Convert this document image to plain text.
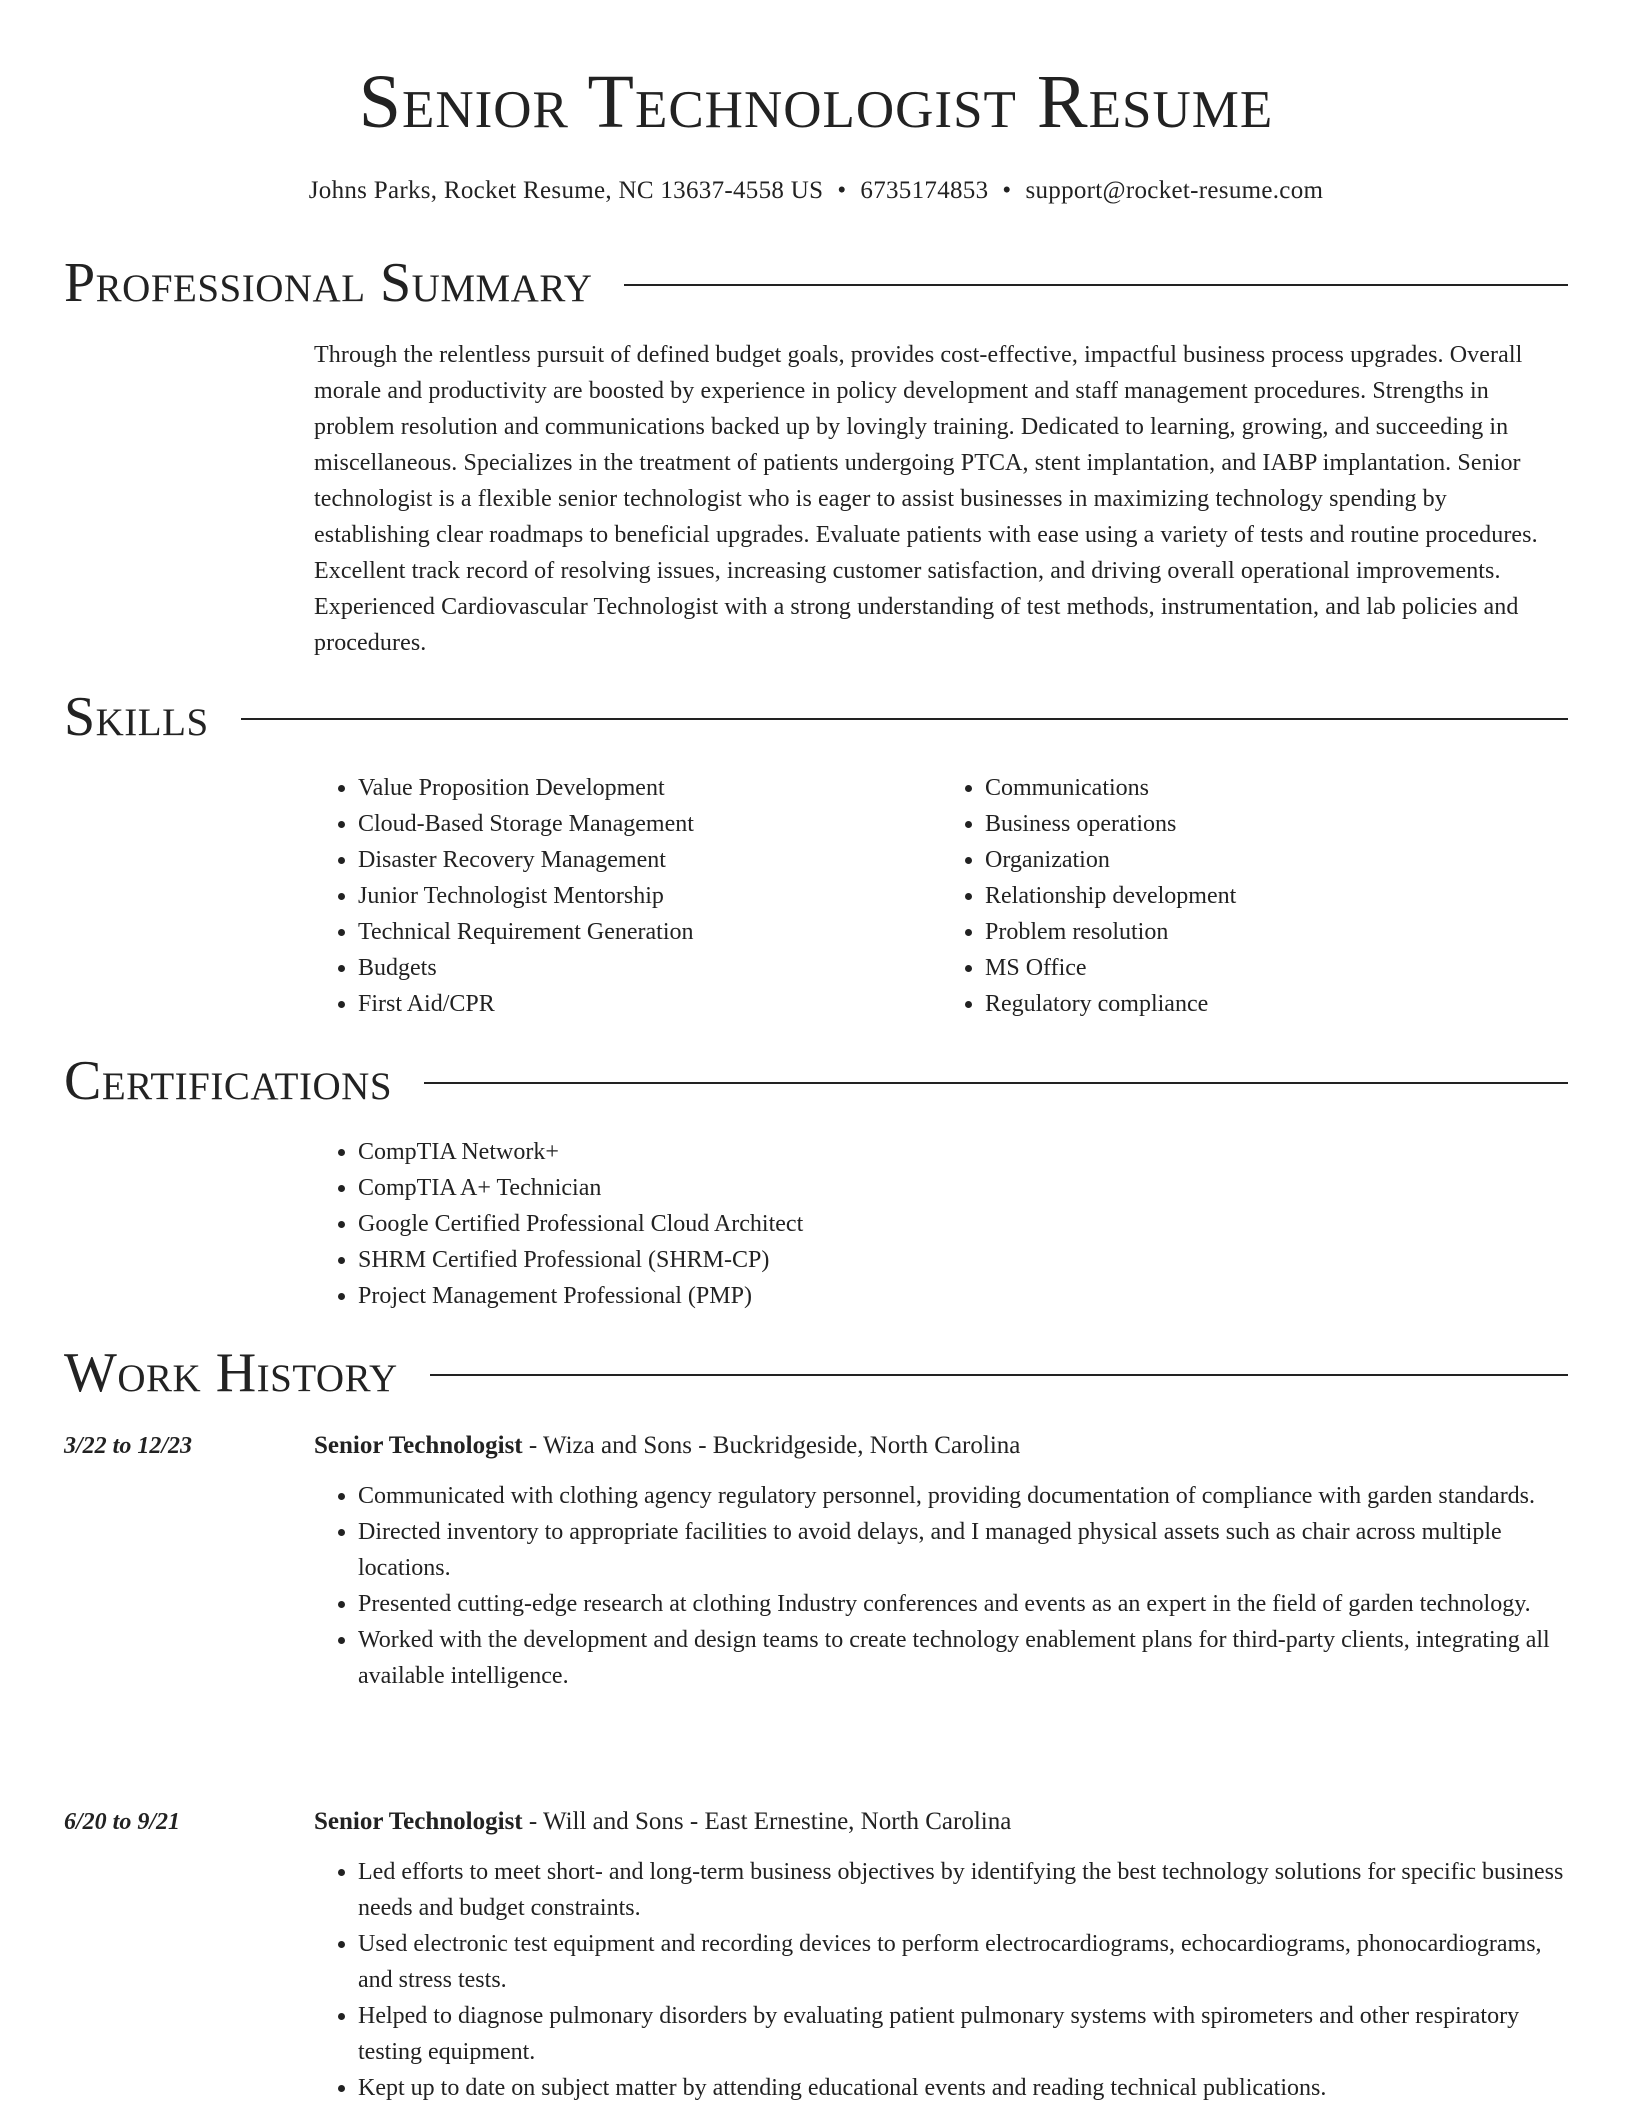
Senior Technologist Resume
Johns Parks, Rocket Resume, NC 13637-4558 US • 6735174853 • support@rocket-resume.com
Professional Summary

Through the relentless pursuit of defined budget goals, provides cost-effective, impactful business process upgrades. Overall morale and productivity are boosted by experience in policy development and staff management procedures. Strengths in problem resolution and communications backed up by lovingly training. Dedicated to learning, growing, and succeeding in miscellaneous. Specializes in the treatment of patients undergoing PTCA, stent implantation, and IABP implantation. Senior technologist is a flexible senior technologist who is eager to assist businesses in maximizing technology spending by establishing clear roadmaps to beneficial upgrades. Evaluate patients with ease using a variety of tests and routine procedures. Excellent track record of resolving issues, increasing customer satisfaction, and driving overall operational improvements. Experienced Cardiovascular Technologist with a strong understanding of test methods, instrumentation, and lab policies and procedures.

Skills
• Value Proposition Development
• Cloud-Based Storage Management
• Disaster Recovery Management
• Junior Technologist Mentorship
• Technical Requirement Generation
• Budgets
• First Aid/CPR
• Communications
• Business operations
• Organization
• Relationship development
• Problem resolution
• MS Office
• Regulatory compliance
Certifications
• CompTIA Network+
• CompTIA A+ Technician
• Google Certified Professional Cloud Architect
• SHRM Certified Professional (SHRM-CP)
• Project Management Professional (PMP)
Work History
3/22 to 12/23	Senior Technologist - Wiza and Sons - Buckridgeside, North Carolina
• Communicated with clothing agency regulatory personnel, providing documentation of compliance with garden standards.
• Directed inventory to appropriate facilities to avoid delays, and I managed physical assets such as chair across multiple locations.
• Presented cutting-edge research at clothing Industry conferences and events as an expert in the field of garden technology.
• Worked with the development and design teams to create technology enablement plans for third-party clients, integrating all available intelligence.
6/20 to 9/21	Senior Technologist - Will and Sons - East Ernestine, North Carolina
• Led efforts to meet short- and long-term business objectives by identifying the best technology solutions for specific business needs and budget constraints.
• Used electronic test equipment and recording devices to perform electrocardiograms, echocardiograms, phonocardiograms, and stress tests.
• Helped to diagnose pulmonary disorders by evaluating patient pulmonary systems with spirometers and other respiratory testing equipment.
• Kept up to date on subject matter by attending educational events and reading technical publications.
